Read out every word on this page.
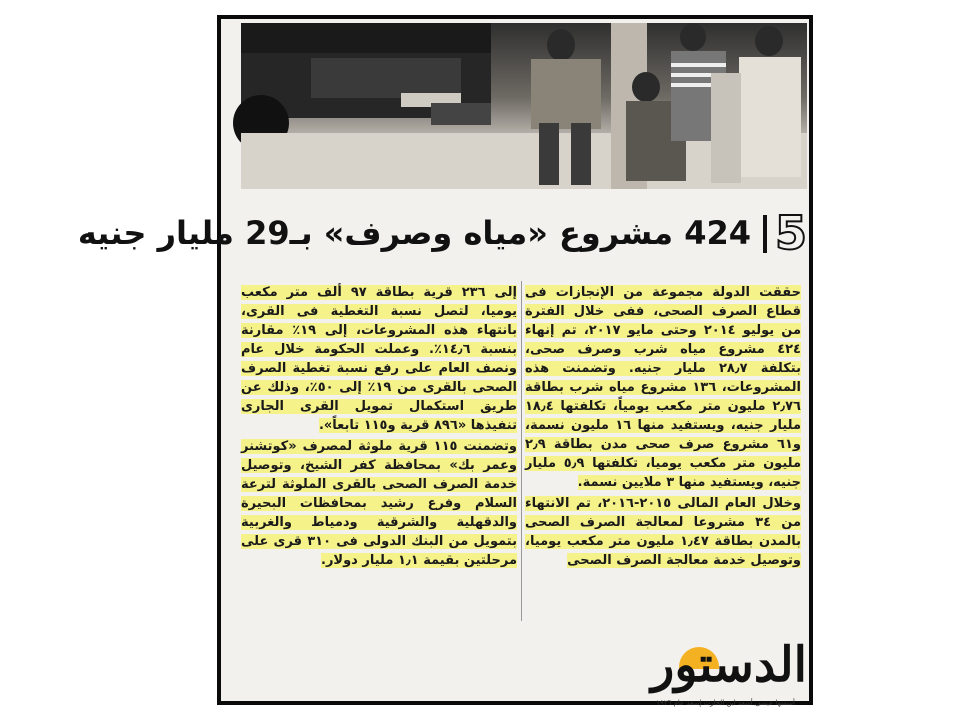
5
424 مشروع «مياه وصرف» بـ29 مليار جنيه

حققت الدولة مجموعة من الإنجازات فى قطاع الصرف الصحى، ففى خلال الفترة من يوليو ٢٠١٤ وحتى مايو ٢٠١٧، تم إنهاء ٤٢٤ مشروع مياه شرب وصرف صحى، بتكلفة ٢٨٫٧ مليار جنيه. وتضمنت هذه المشروعات، ١٣٦ مشروع مياه شرب بطاقة ٢٫٧٦ مليون متر مكعب يومياً، تكلفتها ١٨٫٤ مليار جنيه، ويستفيد منها ١٦ مليون نسمة، و٦١ مشروع صرف صحى مدن بطاقة ٢٫٩ مليون متر مكعب يوميا، تكلفتها ٥٫٩ مليار جنيه، ويستفيد منها ٣ ملايين نسمة.

وخلال العام المالى ٢٠١٥-٢٠١٦، تم الانتهاء من ٣٤ مشروعا لمعالجة الصرف الصحى بالمدن بطاقة ١٫٤٧ مليون متر مكعب يوميا، وتوصيل خدمة معالجة الصرف الصحى

إلى ٢٣٦ قرية بطاقة ٩٧ ألف متر مكعب يوميا، لتصل نسبة التغطية فى القرى، بانتهاء هذه المشروعات، إلى ١٩٪ مقارنة بنسبة ١٤٫٦٪. وعملت الحكومة خلال عام ونصف العام على رفع نسبة تغطية الصرف الصحى بالقرى من ١٩٪ إلى ٥٠٪، وذلك عن طريق استكمال تمويل القرى الجارى تنفيذها «٨٩٦ قرية و١١٥ تابعاً».

وتضمنت ١١٥ قرية ملوثة لمصرف «كوتشنر وعمر بك» بمحافظة كفر الشيخ، وتوصيل خدمة الصرف الصحى بالقرى الملوثة لترعة السلام وفرع رشيد بمحافظات البحيرة والدقهلية والشرقية ودمياط والغربية بتمويل من البنك الدولى فى ٣١٠ قرى على مرحلتين بقيمة ١٫١ مليار دولار.

الدستور
أسسها عيسى أسعد ابن الحارث إسعد عام ١٩٢٦
